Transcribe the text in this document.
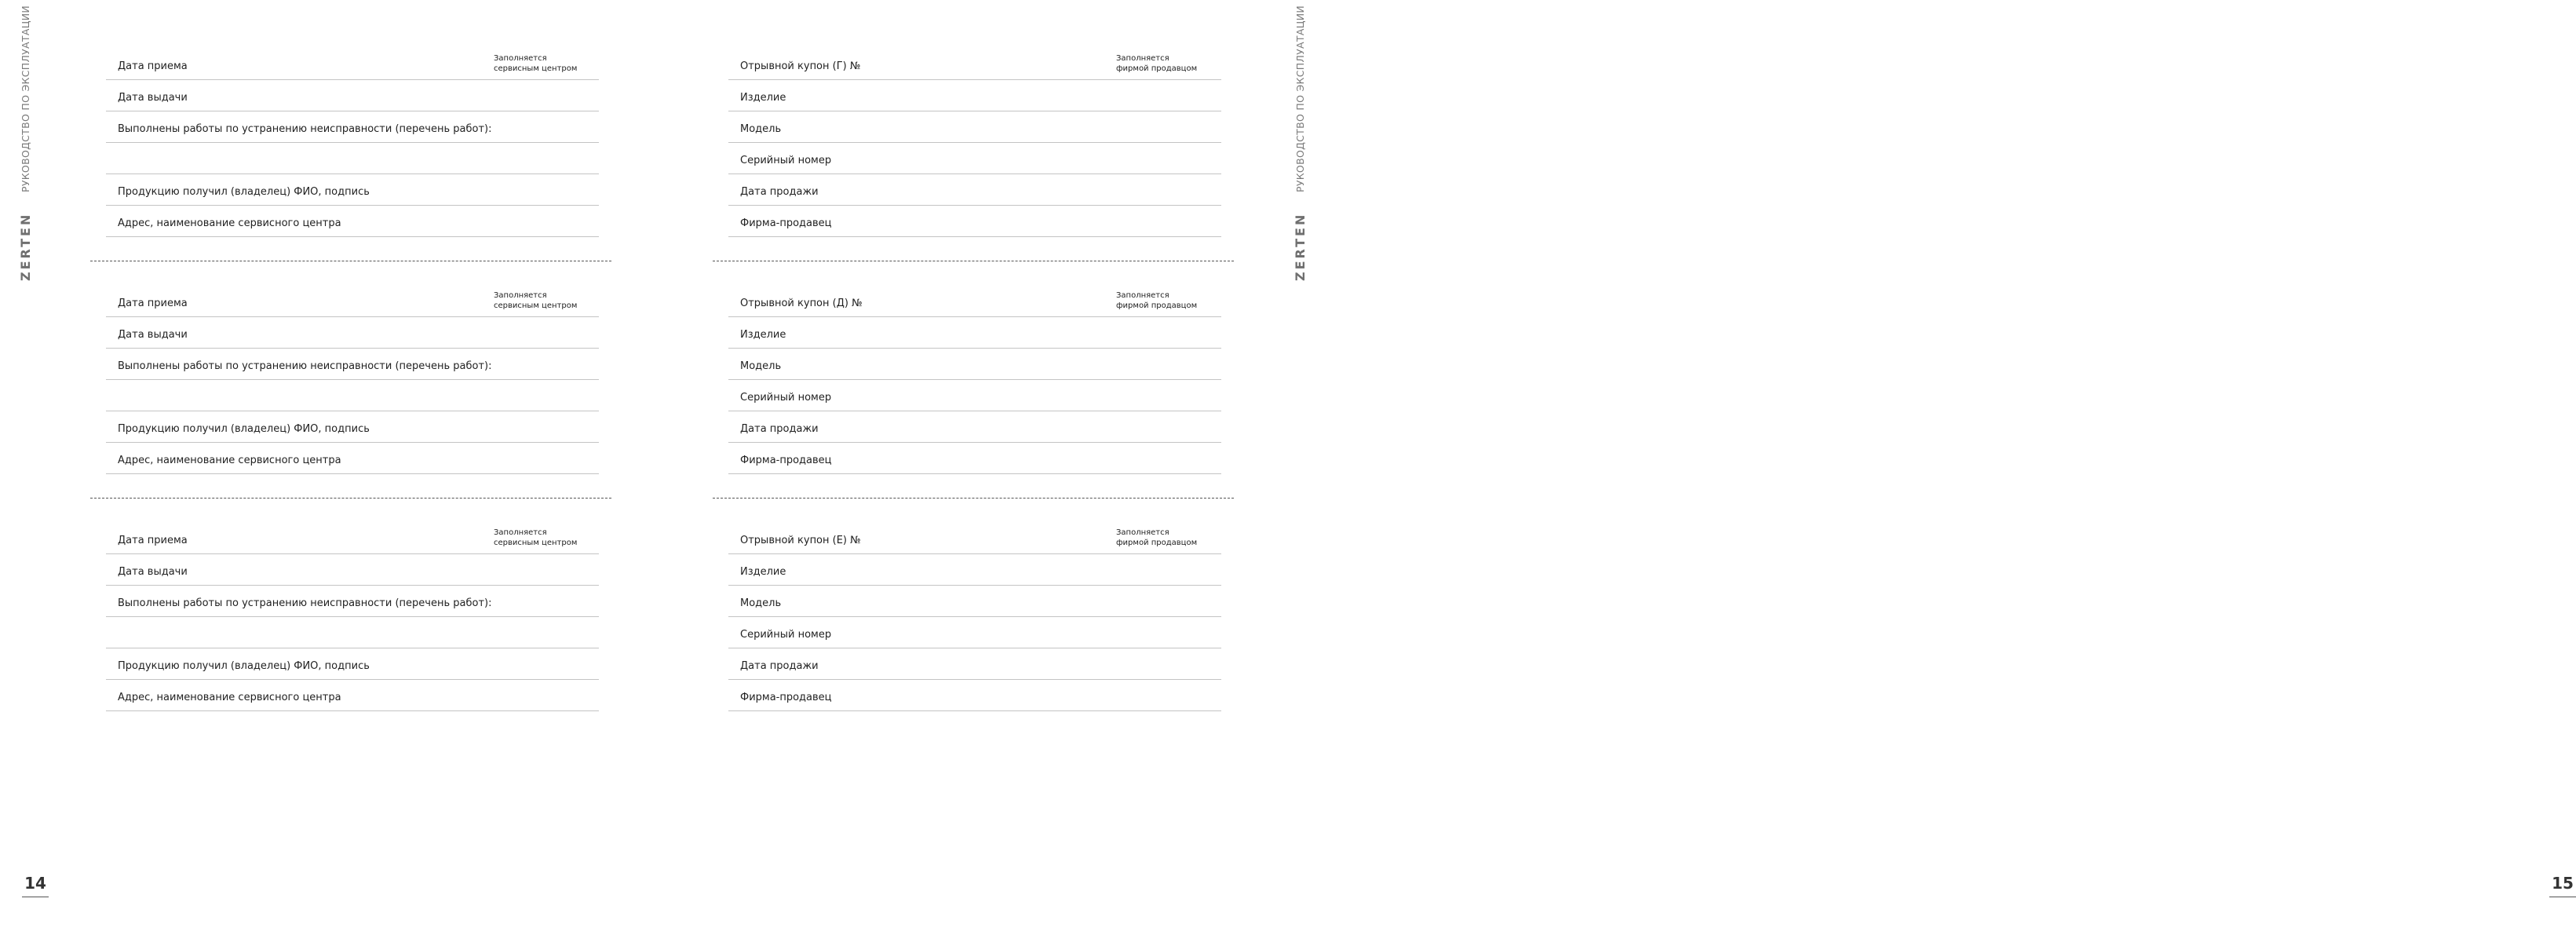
РУКОВОДСТВО ПО ЭКСПЛУАТАЦИИ
ZERTEN
14
РУКОВОДСТВО ПО ЭКСПЛУАТАЦИИ
ZERTEN
15
Дата приема
Заполняется
сервисным центром
Дата выдачи
Выполнены работы по устранению неисправности (перечень работ):
Продукцию получил (владелец) ФИО, подпись
Адрес, наименование сервисного центра
Дата приема
Заполняется
сервисным центром
Дата выдачи
Выполнены работы по устранению неисправности (перечень работ):
Продукцию получил (владелец) ФИО, подпись
Адрес, наименование сервисного центра
Дата приема
Заполняется
сервисным центром
Дата выдачи
Выполнены работы по устранению неисправности (перечень работ):
Продукцию получил (владелец) ФИО, подпись
Адрес, наименование сервисного центра
Отрывной купон (Г) №
Заполняется
фирмой продавцом
Изделие
Модель
Серийный номер
Дата продажи
Фирма-продавец
Отрывной купон (Д) №
Заполняется
фирмой продавцом
Изделие
Модель
Серийный номер
Дата продажи
Фирма-продавец
Отрывной купон (Е) №
Заполняется
фирмой продавцом
Изделие
Модель
Серийный номер
Дата продажи
Фирма-продавец
